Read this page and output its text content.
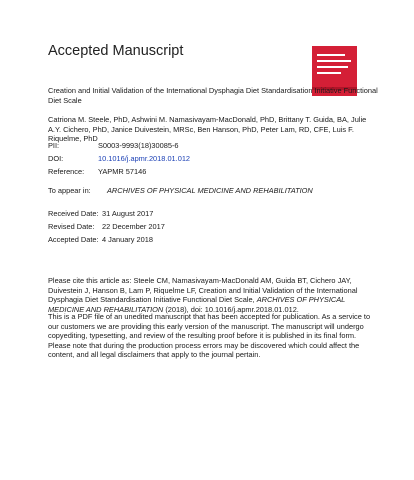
Accepted Manuscript
Creation and Initial Validation of the International Dysphagia Diet Standardisation Initiative Functional Diet Scale
Catriona M. Steele, PhD, Ashwini M. Namasivayam-MacDonald, PhD, Brittany T. Guida, BA, Julie A.Y. Cichero, PhD, Janice Duivestein, MRSc, Ben Hanson, PhD, Peter Lam, RD, CFE, Luis F. Riquelme, PhD
PII:	S0003-9993(18)30085-6
DOI:	10.1016/j.apmr.2018.01.012
Reference: YAPMR 57146
To appear in: ARCHIVES OF PHYSICAL MEDICINE AND REHABILITATION
Received Date: 31 August 2017
Revised Date: 22 December 2017
Accepted Date: 4 January 2018
Please cite this article as: Steele CM, Namasivayam-MacDonald AM, Guida BT, Cichero JAY, Duivestein J, Hanson B, Lam P, Riquelme LF, Creation and Initial Validation of the International Dysphagia Diet Standardisation Initiative Functional Diet Scale, ARCHIVES OF PHYSICAL MEDICINE AND REHABILITATION (2018), doi: 10.1016/j.apmr.2018.01.012.
This is a PDF file of an unedited manuscript that has been accepted for publication. As a service to our customers we are providing this early version of the manuscript. The manuscript will undergo copyediting, typesetting, and review of the resulting proof before it is published in its final form. Please note that during the production process errors may be discovered which could affect the content, and all legal disclaimers that apply to the journal pertain.
